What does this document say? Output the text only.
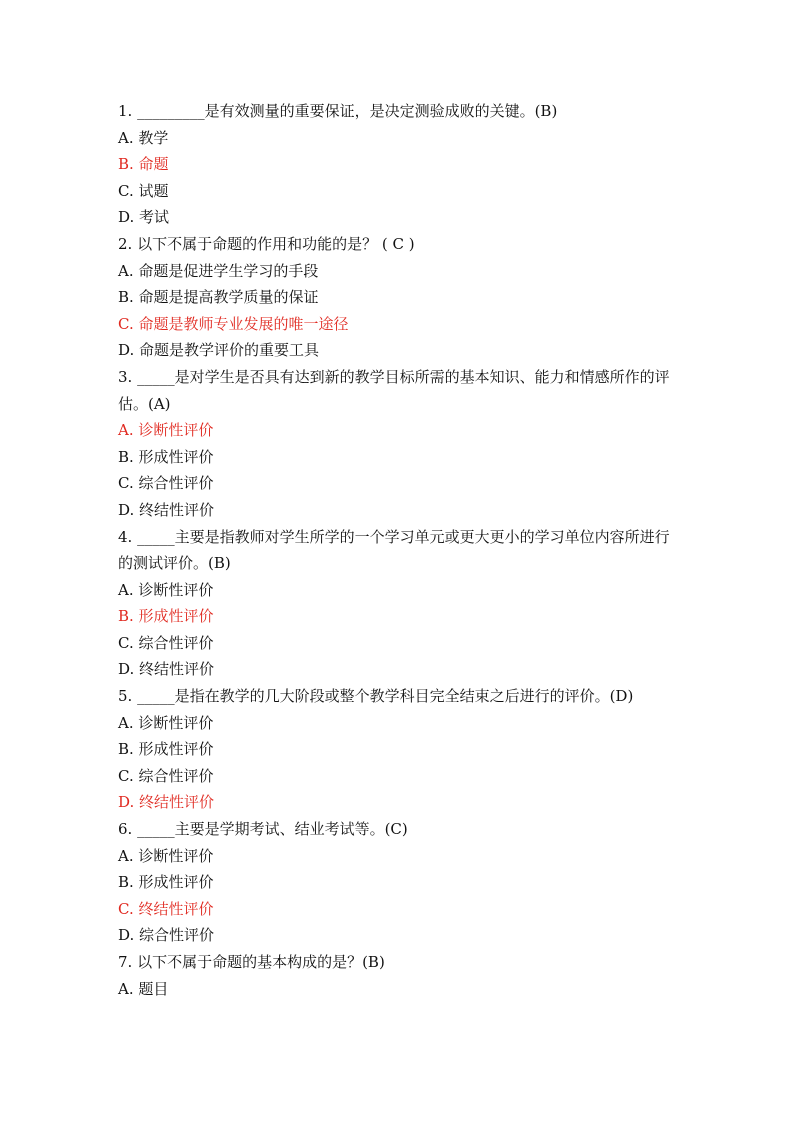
1. _________是有效测量的重要保证，是决定测验成败的关键。(B)
A. 教学
B. 命题
C. 试题
D. 考试
2. 以下不属于命题的作用和功能的是？ ( C )
A. 命题是促进学生学习的手段
B. 命题是提高教学质量的保证
C. 命题是教师专业发展的唯一途径
D. 命题是教学评价的重要工具
3. _____是对学生是否具有达到新的教学目标所需的基本知识、能力和情感所作的评估。(A)
A. 诊断性评价
B. 形成性评价
C. 综合性评价
D. 终结性评价
4. _____主要是指教师对学生所学的一个学习单元或更大更小的学习单位内容所进行的测试评价。(B)
A. 诊断性评价
B. 形成性评价
C. 综合性评价
D. 终结性评价
5. _____是指在教学的几大阶段或整个教学科目完全结束之后进行的评价。(D)
A. 诊断性评价
B. 形成性评价
C. 综合性评价
D. 终结性评价
6. _____主要是学期考试、结业考试等。(C)
A. 诊断性评价
B. 形成性评价
C. 终结性评价
D. 综合性评价
7. 以下不属于命题的基本构成的是？(B)
A. 题目
